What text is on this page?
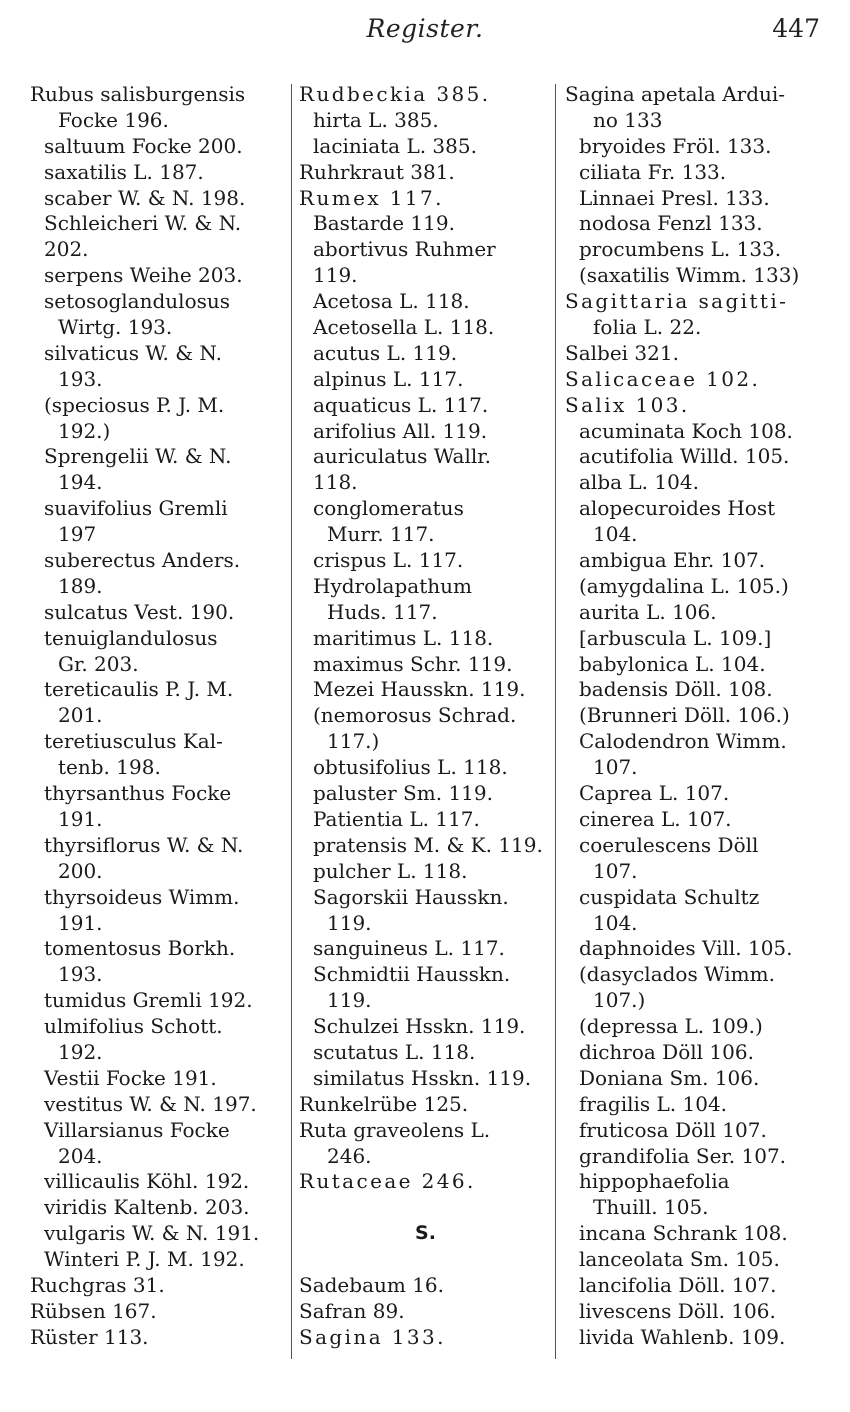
Register.	447
Rubus salisburgensis
Focke 196.
saltuum Focke 200.
saxatilis L. 187.
scaber W. & N. 198.
Schleicheri W. & N.
202.
serpens Weihe 203.
setosoglandulosus
Wirtg. 193.
silvaticus W. & N.
193.
(speciosus P. J. M.
192.)
Sprengelii W. & N.
194.
suavifolius Gremli
197
suberectus Anders.
189.
sulcatus Vest. 190.
tenuiglandulosus
Gr. 203.
tereticaulis P. J. M.
201.
teretiusculus Kal-
tenb. 198.
thyrsanthus Focke
191.
thyrsiflorus W. & N.
200.
thyrsoideus Wimm.
191.
tomentosus Borkh.
193.
tumidus Gremli 192.
ulmifolius Schott.
192.
Vestii Focke 191.
vestitus W. & N. 197.
Villarsianus Focke
204.
villicaulis Köhl. 192.
viridis Kaltenb. 203.
vulgaris W. & N. 191.
Winteri P. J. M. 192.
Ruchgras 31.
Rübsen 167.
Rüster 113.
Rudbeckia 385.
hirta L. 385.
laciniata L. 385.
Ruhrkraut 381.
Rumex 117.
Bastarde 119.
abortivus Ruhmer
119.
Acetosa L. 118.
Acetosella L. 118.
acutus L. 119.
alpinus L. 117.
aquaticus L. 117.
arifolius All. 119.
auriculatus Wallr.
118.
conglomeratus
Murr. 117.
crispus L. 117.
Hydrolapathum
Huds. 117.
maritimus L. 118.
maximus Schr. 119.
Mezei Hausskn. 119.
(nemorosus Schrad.
117.)
obtusifolius L. 118.
paluster Sm. 119.
Patientia L. 117.
pratensis M. & K. 119.
pulcher L. 118.
Sagorskii Hausskn.
119.
sanguineus L. 117.
Schmidtii Hausskn.
119.
Schulzei Hsskn. 119.
scutatus L. 118.
similatus Hsskn. 119.
Runkelrübe 125.
Ruta graveolens L.
246.
Rutaceae 246.
S.
Sadebaum 16.
Safran 89.
Sagina 133.
Sagina apetala Ardui-
no 133
bryoides Fröl. 133.
ciliata Fr. 133.
Linnaei Presl. 133.
nodosa Fenzl 133.
procumbens L. 133.
(saxatilis Wimm. 133)
Sagittaria sagitti-
folia L. 22.
Salbei 321.
Salicaceae 102.
Salix 103.
acuminata Koch 108.
acutifolia Willd. 105.
alba L. 104.
alopecuroides Host
104.
ambigua Ehr. 107.
(amygdalina L. 105.)
aurita L. 106.
[arbuscula L. 109.]
babylonica L. 104.
badensis Döll. 108.
(Brunneri Döll. 106.)
Calodendron Wimm.
107.
Caprea L. 107.
cinerea L. 107.
coerulescens Döll
107.
cuspidata Schultz
104.
daphnoides Vill. 105.
(dasyclados Wimm.
107.)
(depressa L. 109.)
dichroa Döll 106.
Doniana Sm. 106.
fragilis L. 104.
fruticosa Döll 107.
grandifolia Ser. 107.
hippophaefolia
Thuill. 105.
incana Schrank 108.
lanceolata Sm. 105.
lancifolia Döll. 107.
livescens Döll. 106.
livida Wahlenb. 109.
